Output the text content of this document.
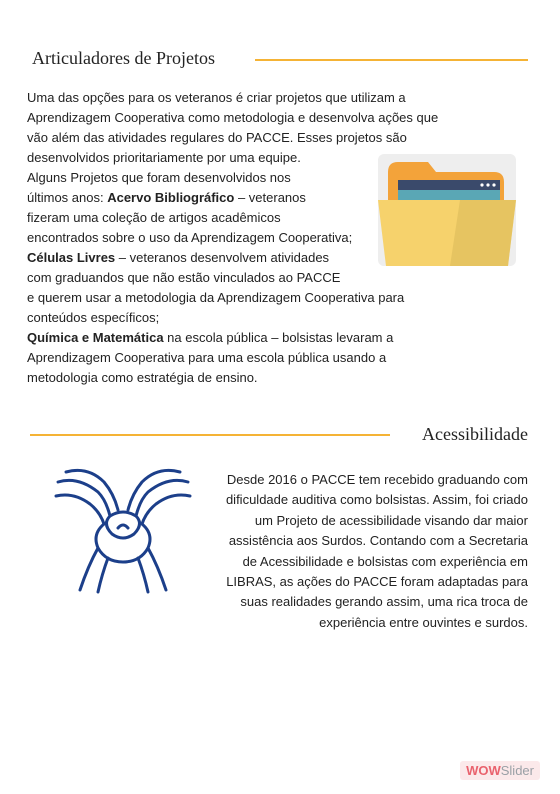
Articuladores de Projetos
Uma das opções para os veteranos é criar projetos que utilizam a
Aprendizagem Cooperativa como metodologia e desenvolva ações que
vão além das atividades regulares do PACCE. Esses projetos são
desenvolvidos prioritariamente por uma equipe.
Alguns Projetos que foram desenvolvidos nos
últimos anos: Acervo Bibliográfico – veteranos
fizeram uma coleção de artigos acadêmicos
encontrados sobre o uso da Aprendizagem Cooperativa;
Células Livres – veteranos desenvolvem atividades
com graduandos que não estão vinculados ao PACCE
e querem usar a metodologia da Aprendizagem Cooperativa para
conteúdos específicos;
Química e Matemática na escola pública – bolsistas levaram a
Aprendizagem Cooperativa para uma escola pública usando a
metodologia como estratégia de ensino.
Acessibilidade
Desde 2016 o PACCE tem recebido graduando com
dificuldade auditiva como bolsistas. Assim, foi criado
um Projeto de acessibilidade visando dar maior
assistência aos Surdos. Contando com a Secretaria
de Acessibilidade e bolsistas com experiência em
LIBRAS, as ações do PACCE foram adaptadas para
suas realidades gerando assim, uma rica troca de
experiência entre ouvintes e surdos.
WOWSlider
